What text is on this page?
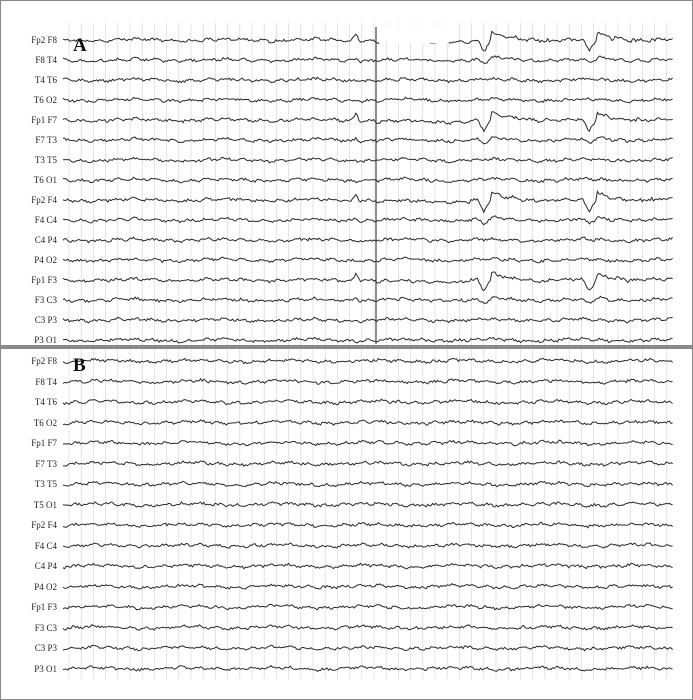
A
Fp2 F8
F8 T4
T4 T6
T6 O2
Fp1 F7
F7 T3
T3 T5
T6 O1
Fp2 F4
F4 C4
C4 P4
P4 O2
Fp1 F3
F3 C3
C3 P3
P3 O1
B
Fp2 F8
F8 T4
T4 T6
T6 O2
Fp1 F7
F7 T3
T3 T5
T5 O1
Fp2 F4
F4 C4
C4 P4
P4 O2
Fp1 F3
F3 C3
C3 P3
P3 O1
